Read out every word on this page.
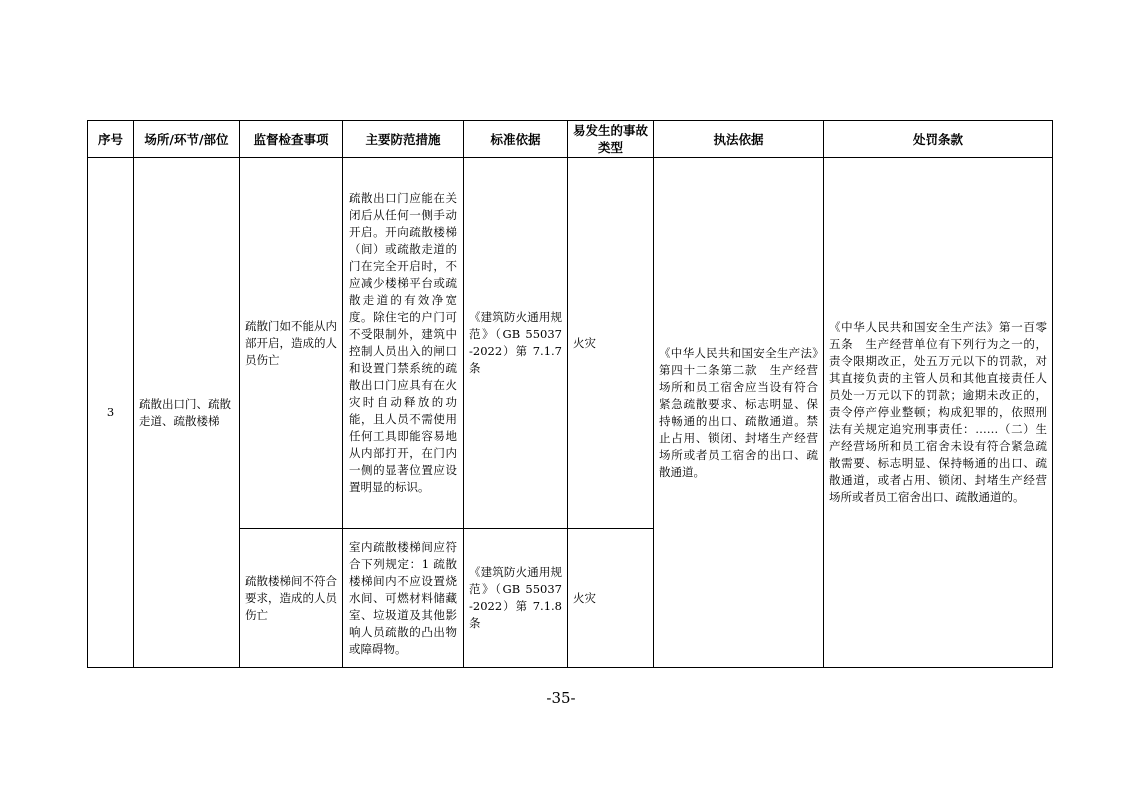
序号	场所/环节/部位	监督检查事项	主要防范措施	标准依据	易发生的事故类型	执法依据	处罚条款

3	疏散出口门、疏散走道、疏散楼梯	疏散门如不能从内部开启，造成的人员伤亡	疏散出口门应能在关闭后从任何一侧手动开启。开向疏散楼梯（间）或疏散走道的门在完全开启时，不应减少楼梯平台或疏散走道的有效净宽度。除住宅的户门可不受限制外，建筑中控制人员出入的闸口和设置门禁系统的疏散出口门应具有在火灾时自动释放的功能，且人员不需使用任何工具即能容易地从内部打开，在门内一侧的显著位置应设置明显的标识。	《建筑防火通用规范》（GB 55037 -2022）第 7.1.7 条	火灾	《中华人民共和国安全生产法》第四十二条第二款　生产经营场所和员工宿舍应当设有符合紧急疏散要求、标志明显、保持畅通的出口、疏散通道。禁止占用、锁闭、封堵生产经营场所或者员工宿舍的出口、疏散通道。	《中华人民共和国安全生产法》第一百零五条　生产经营单位有下列行为之一的，责令限期改正，处五万元以下的罚款，对其直接负责的主管人员和其他直接责任人员处一万元以下的罚款；逾期未改正的，责令停产停业整顿；构成犯罪的，依照刑法有关规定追究刑事责任：……（二）生产经营场所和员工宿舍未设有符合紧急疏散需要、标志明显、保持畅通的出口、疏散通道，或者占用、锁闭、封堵生产经营场所或者员工宿舍出口、疏散通道的。

		疏散楼梯间不符合要求，造成的人员伤亡	室内疏散楼梯间应符合下列规定：1 疏散楼梯间内不应设置烧水间、可燃材料储藏室、垃圾道及其他影响人员疏散的凸出物或障碍物。	《建筑防火通用规范》（GB 55037 -2022）第 7.1.8 条	火灾		
-35-
